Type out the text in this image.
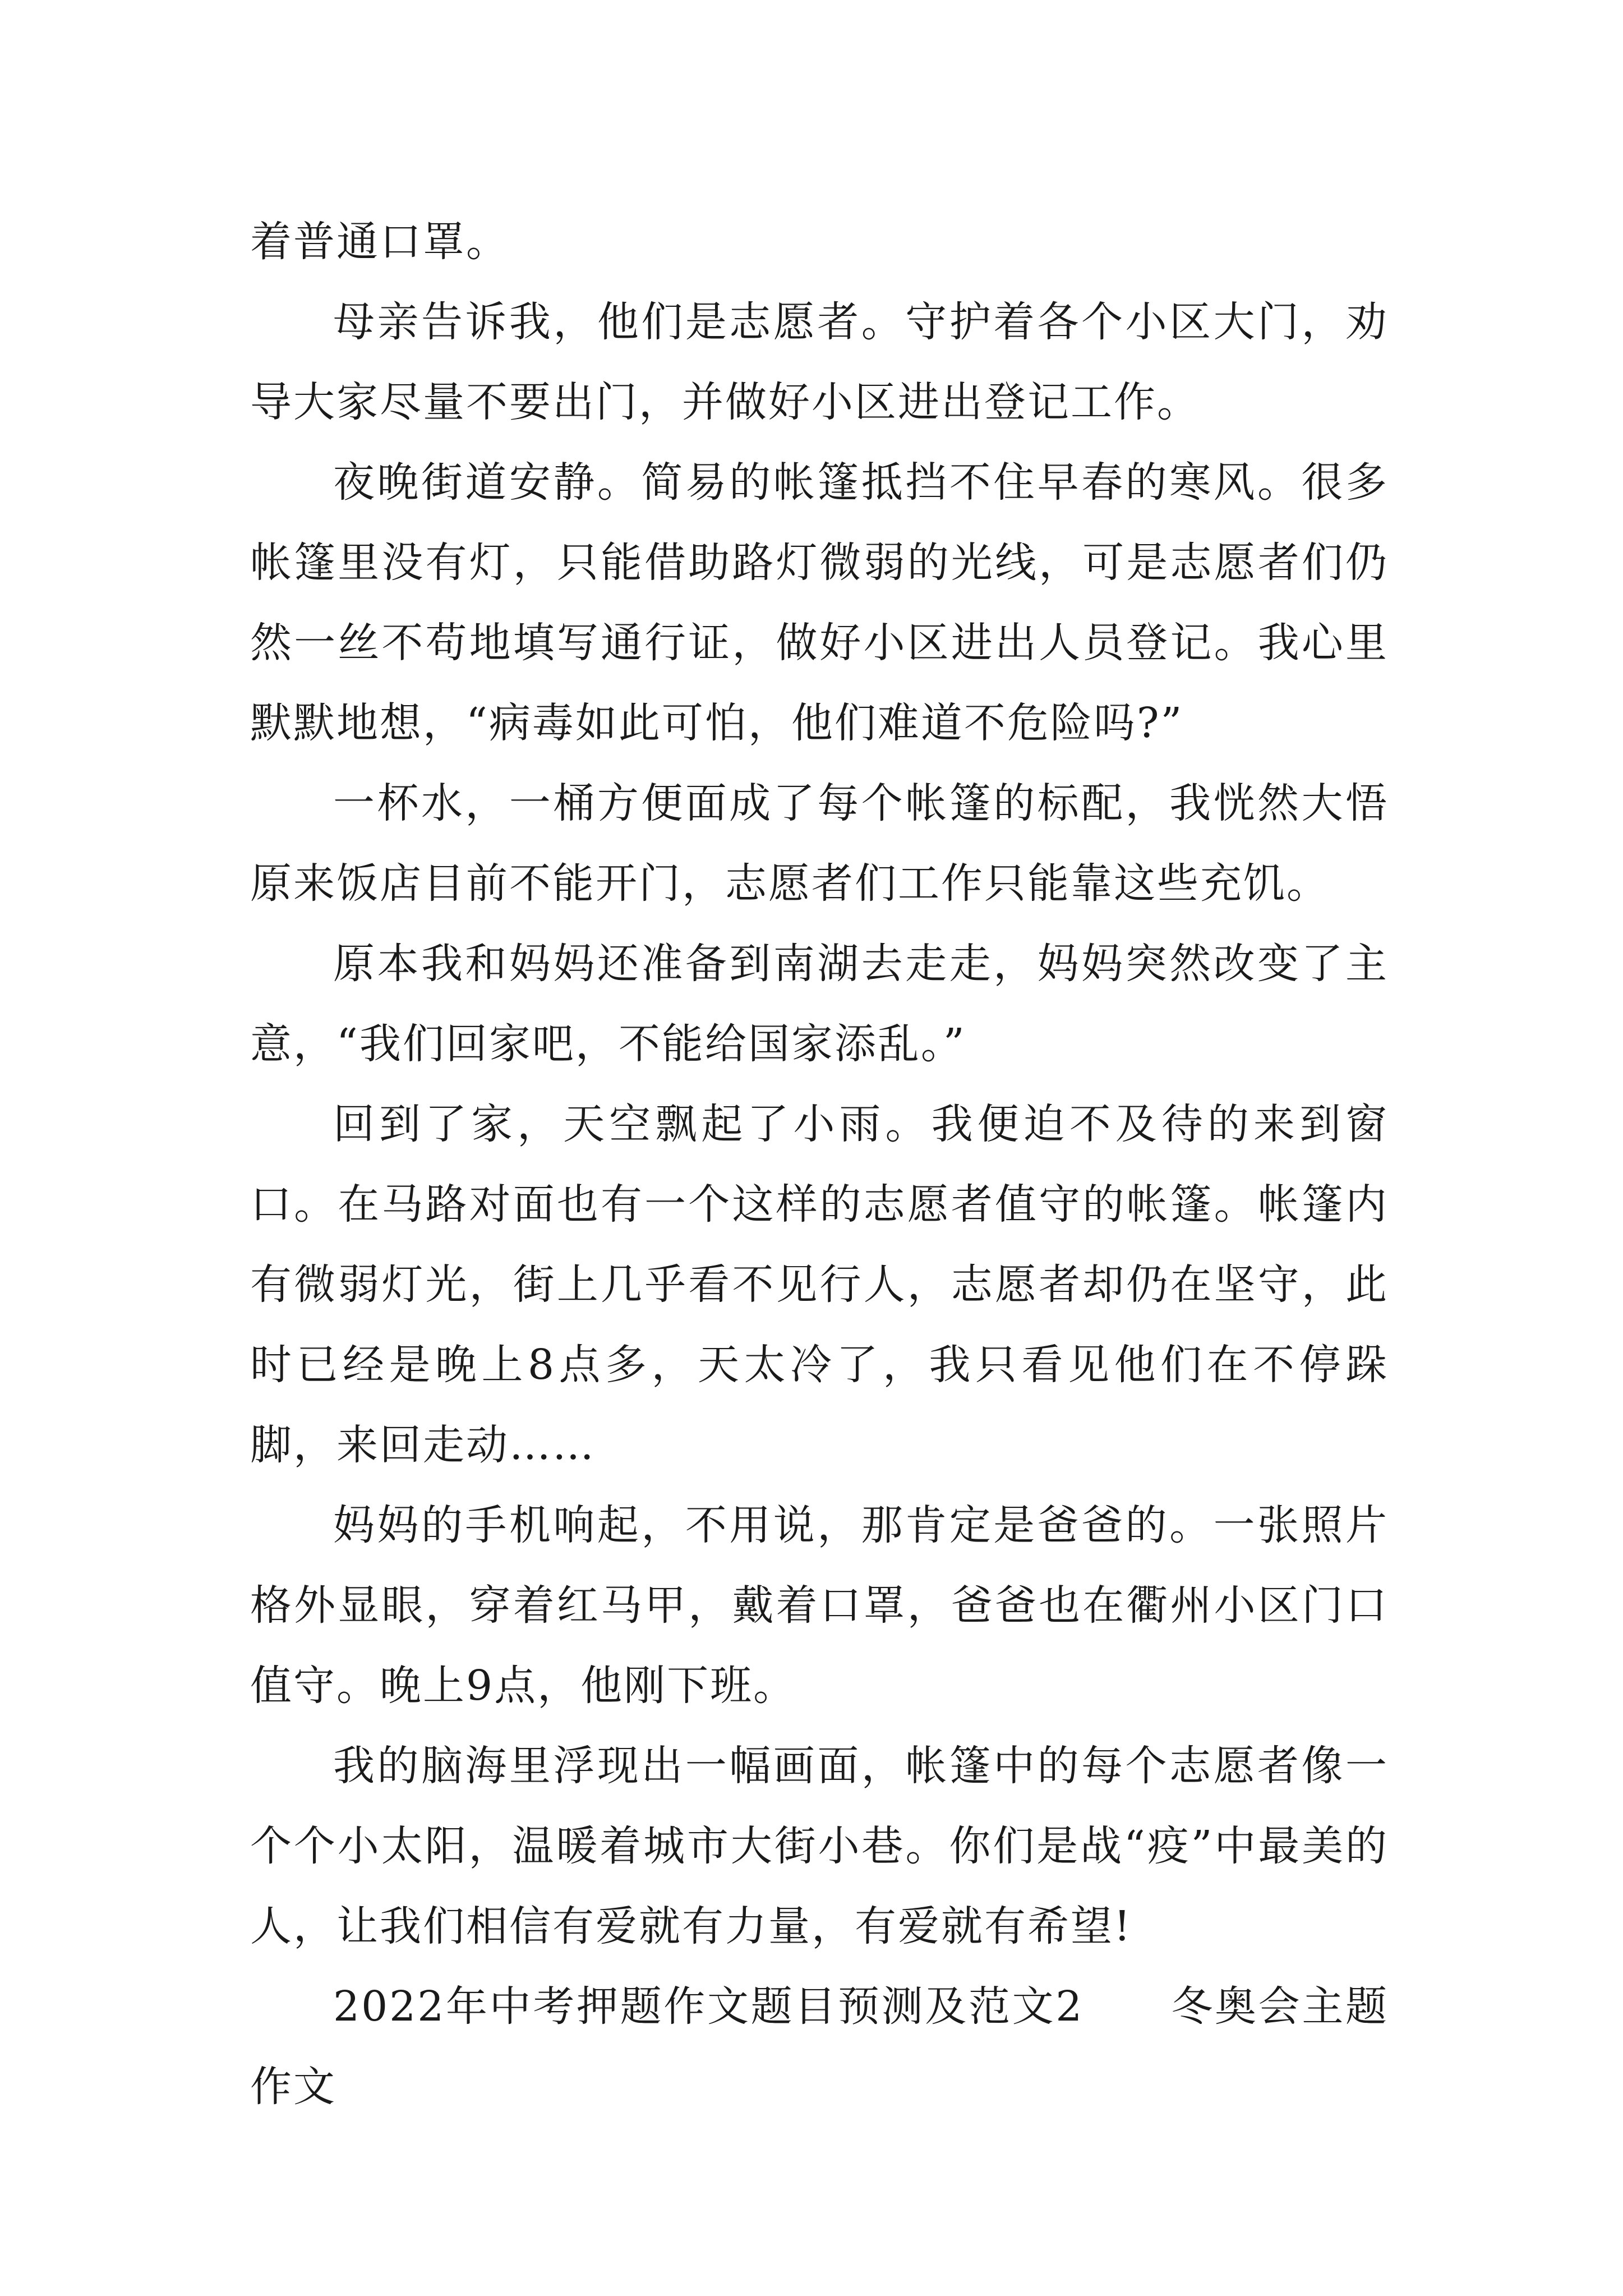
着普通口罩。

母亲告诉我，他们是志愿者。守护着各个小区大门，劝导大家尽量不要出门，并做好小区进出登记工作。

夜晚街道安静。简易的帐篷抵挡不住早春的寒风。很多帐篷里没有灯，只能借助路灯微弱的光线，可是志愿者们仍然一丝不苟地填写通行证，做好小区进出人员登记。我心里默默地想，“病毒如此可怕，他们难道不危险吗?”

一杯水，一桶方便面成了每个帐篷的标配，我恍然大悟原来饭店目前不能开门，志愿者们工作只能靠这些充饥。

原本我和妈妈还准备到南湖去走走，妈妈突然改变了主意，“我们回家吧，不能给国家添乱。”

回到了家，天空飘起了小雨。我便迫不及待的来到窗口。在马路对面也有一个这样的志愿者值守的帐篷。帐篷内有微弱灯光，街上几乎看不见行人，志愿者却仍在坚守，此时已经是晚上8点多，天太冷了，我只看见他们在不停跺脚，来回走动……

妈妈的手机响起，不用说，那肯定是爸爸的。一张照片格外显眼，穿着红马甲，戴着口罩，爸爸也在衢州小区门口值守。晚上9点，他刚下班。

我的脑海里浮现出一幅画面，帐篷中的每个志愿者像一个个小太阳，温暖着城市大街小巷。你们是战“疫”中最美的人，让我们相信有爱就有力量，有爱就有希望!

2022年中考押题作文题目预测及范文2　　冬奥会主题作文
